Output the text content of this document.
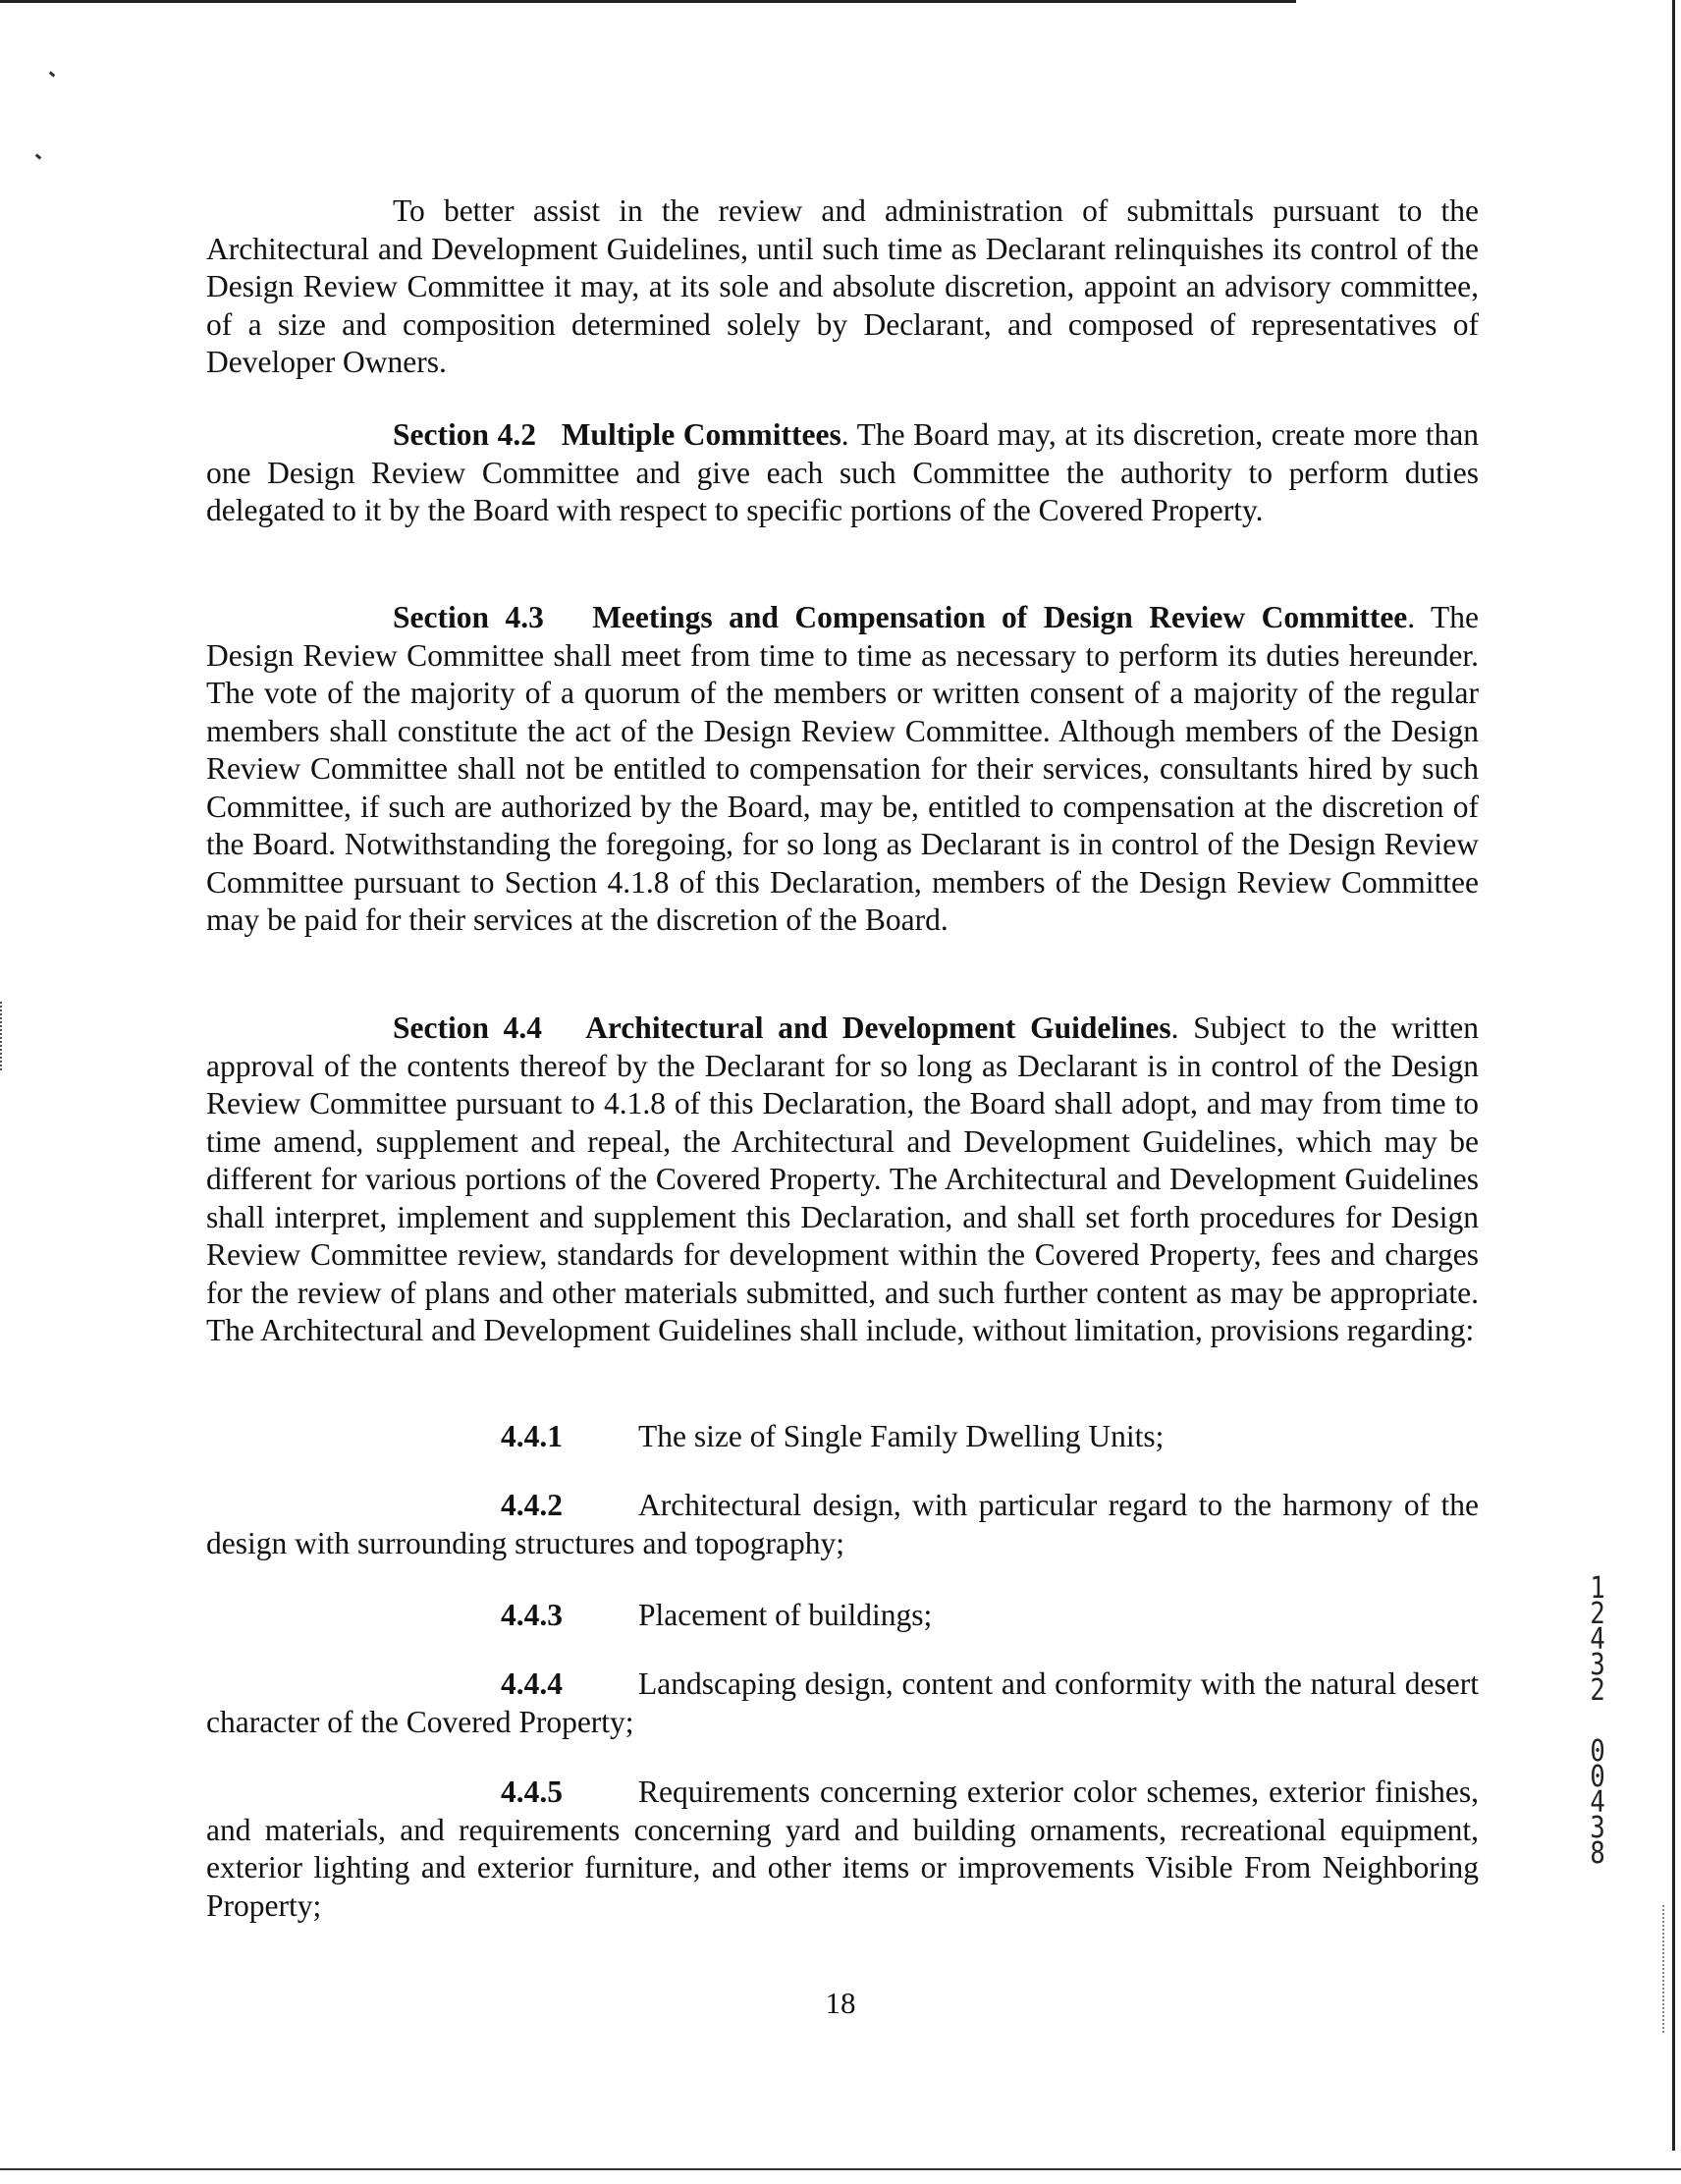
To better assist in the review and administration of submittals pursuant to the Architectural and Development Guidelines, until such time as Declarant relinquishes its control of the Design Review Committee it may, at its sole and absolute discretion, appoint an advisory committee, of a size and composition determined solely by Declarant, and composed of representatives of Developer Owners.

Section 4.2 Multiple Committees. The Board may, at its discretion, create more than one Design Review Committee and give each such Committee the authority to perform duties delegated to it by the Board with respect to specific portions of the Covered Property.

Section 4.3 Meetings and Compensation of Design Review Committee. The Design Review Committee shall meet from time to time as necessary to perform its duties hereunder. The vote of the majority of a quorum of the members or written consent of a majority of the regular members shall constitute the act of the Design Review Committee. Although members of the Design Review Committee shall not be entitled to compensation for their services, consultants hired by such Committee, if such are authorized by the Board, may be, entitled to compensation at the discretion of the Board. Notwithstanding the foregoing, for so long as Declarant is in control of the Design Review Committee pursuant to Section 4.1.8 of this Declaration, members of the Design Review Committee may be paid for their services at the discretion of the Board.

Section 4.4 Architectural and Development Guidelines. Subject to the written approval of the contents thereof by the Declarant for so long as Declarant is in control of the Design Review Committee pursuant to 4.1.8 of this Declaration, the Board shall adopt, and may from time to time amend, supplement and repeal, the Architectural and Development Guidelines, which may be different for various portions of the Covered Property. The Architectural and Development Guidelines shall interpret, implement and supplement this Declaration, and shall set forth procedures for Design Review Committee review, standards for development within the Covered Property, fees and charges for the review of plans and other materials submitted, and such further content as may be appropriate. The Architectural and Development Guidelines shall include, without limitation, provisions regarding:

4.4.1 The size of Single Family Dwelling Units;

4.4.2 Architectural design, with particular regard to the harmony of the design with surrounding structures and topography;

4.4.3 Placement of buildings;

4.4.4 Landscaping design, content and conformity with the natural desert character of the Covered Property;

4.4.5 Requirements concerning exterior color schemes, exterior finishes, and materials, and requirements concerning yard and building ornaments, recreational equipment, exterior lighting and exterior furniture, and other items or improvements Visible From Neighboring Property;

18
1
2
4
3
2
0
0
4
3
8
